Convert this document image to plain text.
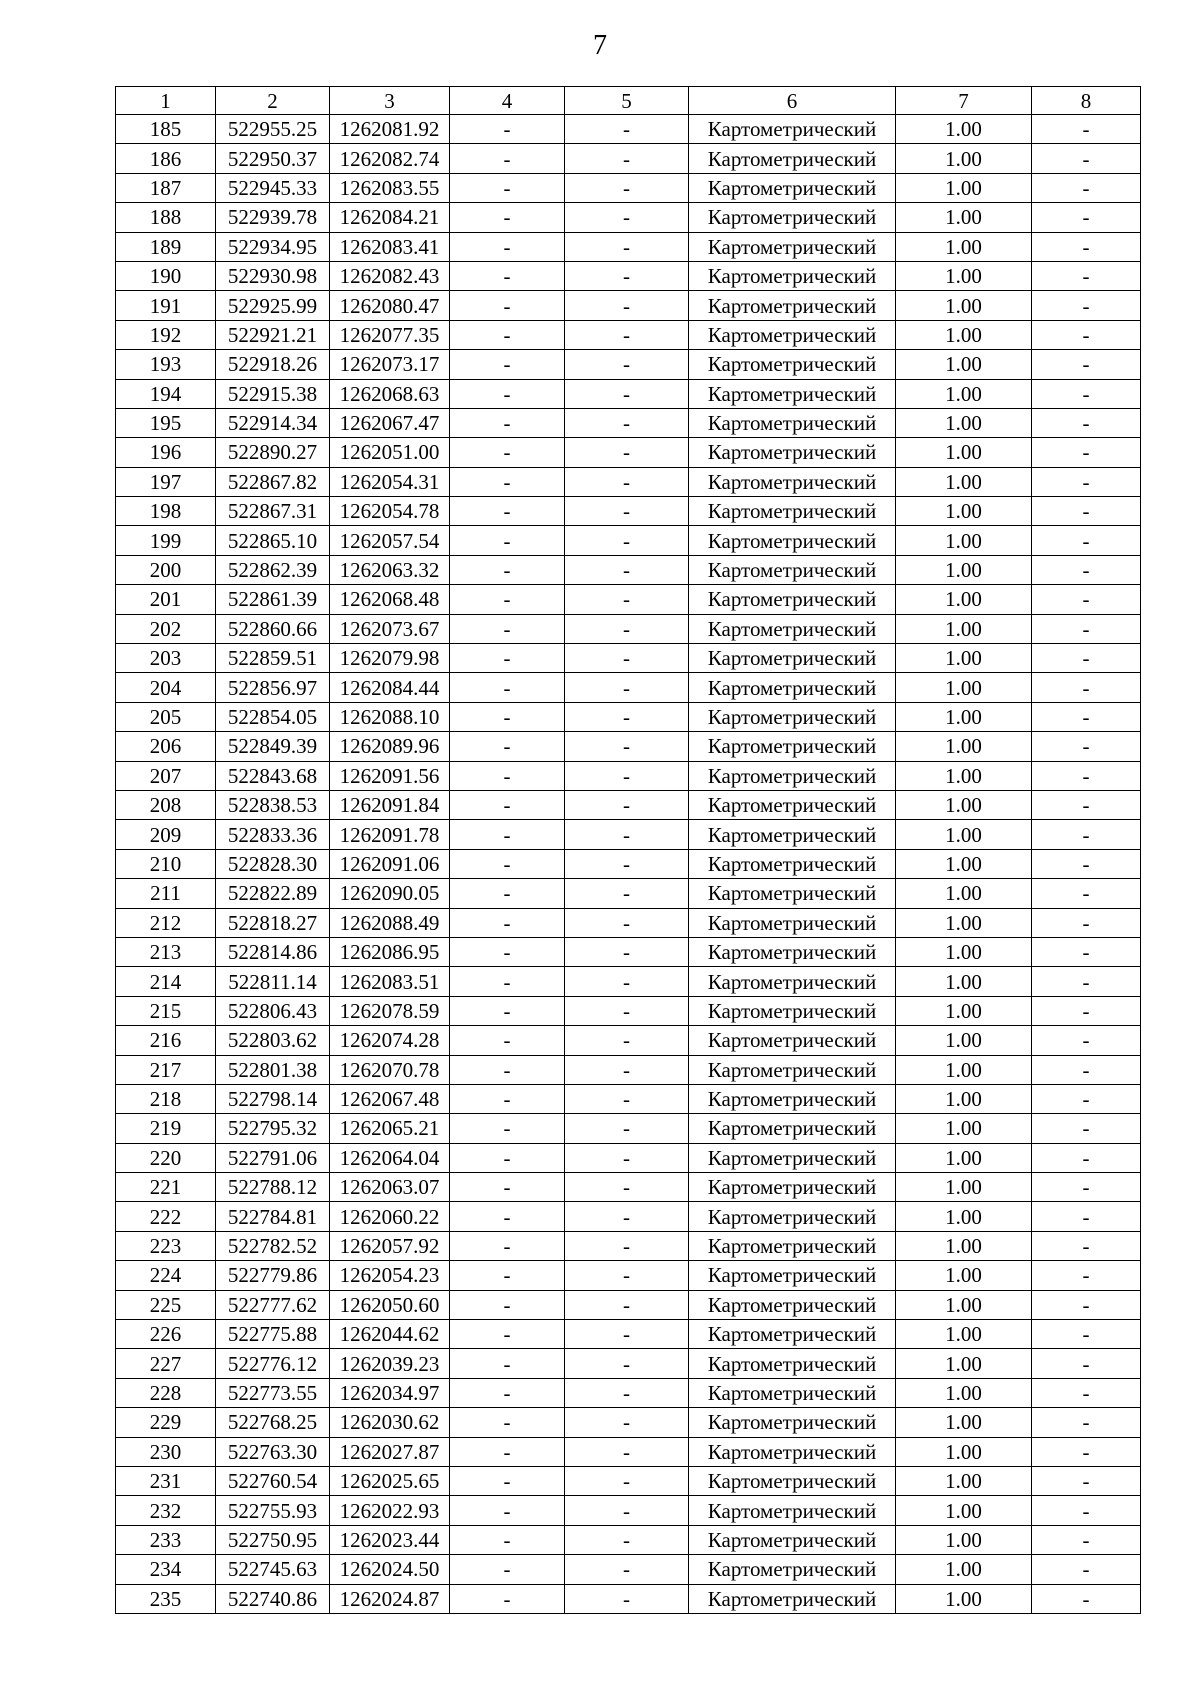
7
1	2	3	4	5	6	7	8
185	522955.25	1262081.92	-	-	Картометрический	1.00	-
186	522950.37	1262082.74	-	-	Картометрический	1.00	-
187	522945.33	1262083.55	-	-	Картометрический	1.00	-
188	522939.78	1262084.21	-	-	Картометрический	1.00	-
189	522934.95	1262083.41	-	-	Картометрический	1.00	-
190	522930.98	1262082.43	-	-	Картометрический	1.00	-
191	522925.99	1262080.47	-	-	Картометрический	1.00	-
192	522921.21	1262077.35	-	-	Картометрический	1.00	-
193	522918.26	1262073.17	-	-	Картометрический	1.00	-
194	522915.38	1262068.63	-	-	Картометрический	1.00	-
195	522914.34	1262067.47	-	-	Картометрический	1.00	-
196	522890.27	1262051.00	-	-	Картометрический	1.00	-
197	522867.82	1262054.31	-	-	Картометрический	1.00	-
198	522867.31	1262054.78	-	-	Картометрический	1.00	-
199	522865.10	1262057.54	-	-	Картометрический	1.00	-
200	522862.39	1262063.32	-	-	Картометрический	1.00	-
201	522861.39	1262068.48	-	-	Картометрический	1.00	-
202	522860.66	1262073.67	-	-	Картометрический	1.00	-
203	522859.51	1262079.98	-	-	Картометрический	1.00	-
204	522856.97	1262084.44	-	-	Картометрический	1.00	-
205	522854.05	1262088.10	-	-	Картометрический	1.00	-
206	522849.39	1262089.96	-	-	Картометрический	1.00	-
207	522843.68	1262091.56	-	-	Картометрический	1.00	-
208	522838.53	1262091.84	-	-	Картометрический	1.00	-
209	522833.36	1262091.78	-	-	Картометрический	1.00	-
210	522828.30	1262091.06	-	-	Картометрический	1.00	-
211	522822.89	1262090.05	-	-	Картометрический	1.00	-
212	522818.27	1262088.49	-	-	Картометрический	1.00	-
213	522814.86	1262086.95	-	-	Картометрический	1.00	-
214	522811.14	1262083.51	-	-	Картометрический	1.00	-
215	522806.43	1262078.59	-	-	Картометрический	1.00	-
216	522803.62	1262074.28	-	-	Картометрический	1.00	-
217	522801.38	1262070.78	-	-	Картометрический	1.00	-
218	522798.14	1262067.48	-	-	Картометрический	1.00	-
219	522795.32	1262065.21	-	-	Картометрический	1.00	-
220	522791.06	1262064.04	-	-	Картометрический	1.00	-
221	522788.12	1262063.07	-	-	Картометрический	1.00	-
222	522784.81	1262060.22	-	-	Картометрический	1.00	-
223	522782.52	1262057.92	-	-	Картометрический	1.00	-
224	522779.86	1262054.23	-	-	Картометрический	1.00	-
225	522777.62	1262050.60	-	-	Картометрический	1.00	-
226	522775.88	1262044.62	-	-	Картометрический	1.00	-
227	522776.12	1262039.23	-	-	Картометрический	1.00	-
228	522773.55	1262034.97	-	-	Картометрический	1.00	-
229	522768.25	1262030.62	-	-	Картометрический	1.00	-
230	522763.30	1262027.87	-	-	Картометрический	1.00	-
231	522760.54	1262025.65	-	-	Картометрический	1.00	-
232	522755.93	1262022.93	-	-	Картометрический	1.00	-
233	522750.95	1262023.44	-	-	Картометрический	1.00	-
234	522745.63	1262024.50	-	-	Картометрический	1.00	-
235	522740.86	1262024.87	-	-	Картометрический	1.00	-
